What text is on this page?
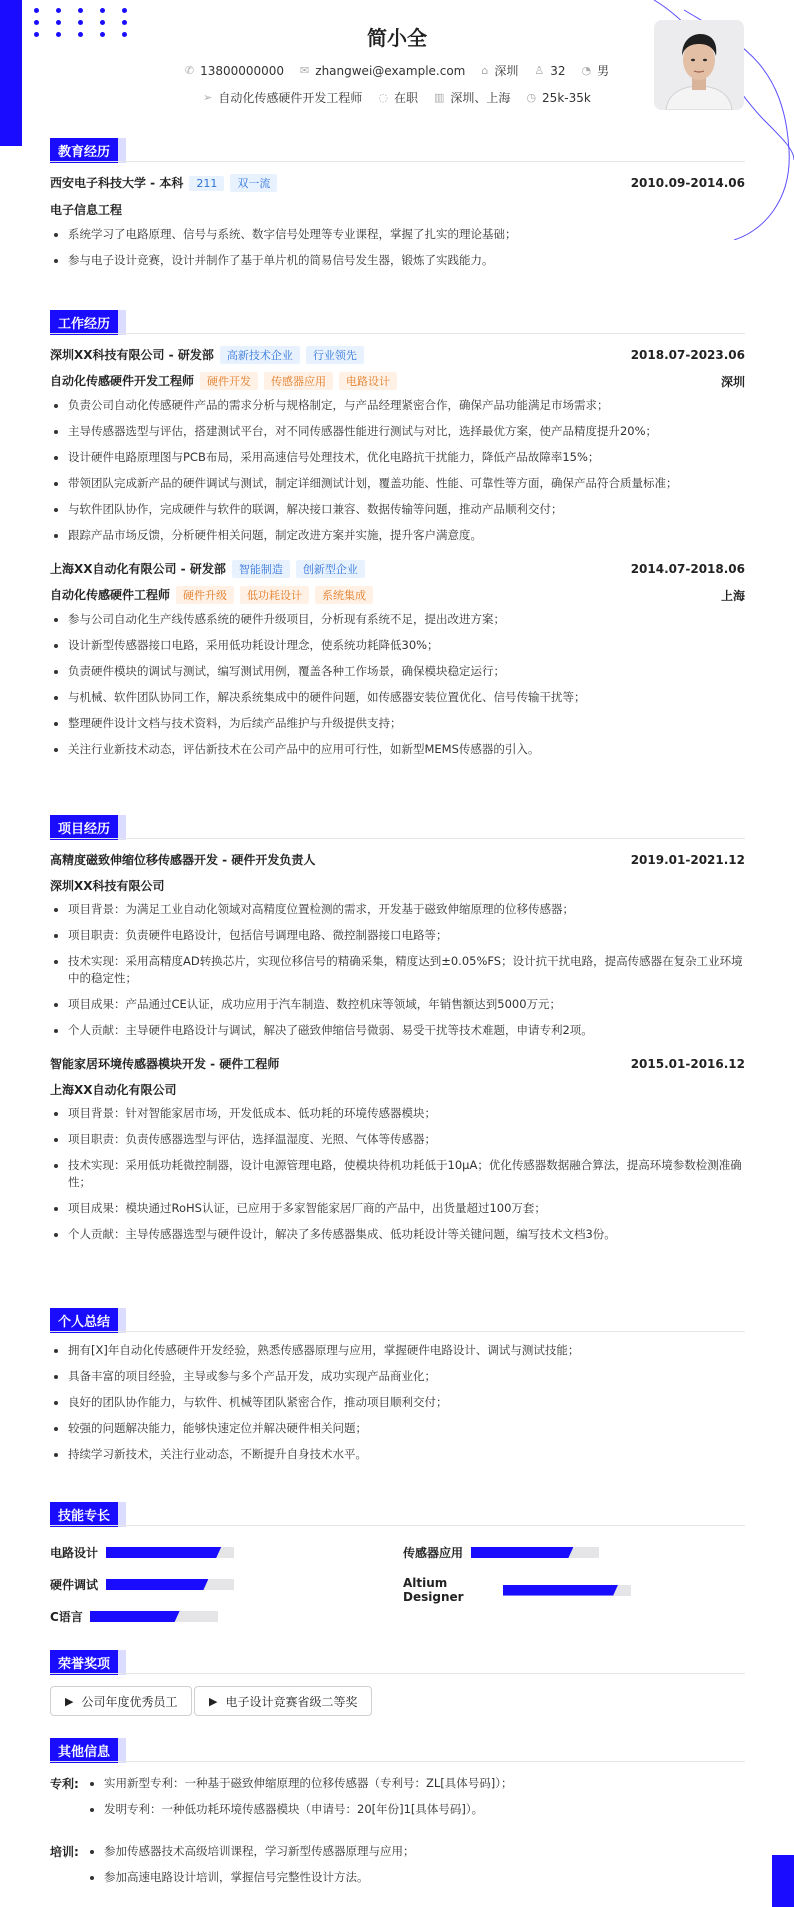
简小全
✆ 13800000000 ✉ zhangwei@example.com ⌂ 深圳 ♙ 32 ◔ 男
➢ 自动化传感硬件开发工程师 ◌ 在职 ▥ 深圳、上海 ◷ 25k-35k
教育经历
西安电子科技大学 - 本科 211 双一流	2010.09-2014.06
电子信息工程
系统学习了电路原理、信号与系统、数字信号处理等专业课程，掌握了扎实的理论基础；
参与电子设计竞赛，设计并制作了基于单片机的简易信号发生器，锻炼了实践能力。
工作经历
深圳XX科技有限公司 - 研发部 高新技术企业 行业领先	2018.07-2023.06
自动化传感硬件开发工程师 硬件开发 传感器应用 电路设计	深圳
负责公司自动化传感硬件产品的需求分析与规格制定，与产品经理紧密合作，确保产品功能满足市场需求；
主导传感器选型与评估，搭建测试平台，对不同传感器性能进行测试与对比，选择最优方案，使产品精度提升20%；
设计硬件电路原理图与PCB布局，采用高速信号处理技术，优化电路抗干扰能力，降低产品故障率15%；
带领团队完成新产品的硬件调试与测试，制定详细测试计划，覆盖功能、性能、可靠性等方面，确保产品符合质量标准；
与软件团队协作，完成硬件与软件的联调，解决接口兼容、数据传输等问题，推动产品顺利交付；
跟踪产品市场反馈，分析硬件相关问题，制定改进方案并实施，提升客户满意度。
上海XX自动化有限公司 - 研发部 智能制造 创新型企业	2014.07-2018.06
自动化传感硬件工程师 硬件升级 低功耗设计 系统集成	上海
参与公司自动化生产线传感系统的硬件升级项目，分析现有系统不足，提出改进方案；
设计新型传感器接口电路，采用低功耗设计理念，使系统功耗降低30%；
负责硬件模块的调试与测试，编写测试用例，覆盖各种工作场景，确保模块稳定运行；
与机械、软件团队协同工作，解决系统集成中的硬件问题，如传感器安装位置优化、信号传输干扰等；
整理硬件设计文档与技术资料，为后续产品维护与升级提供支持；
关注行业新技术动态，评估新技术在公司产品中的应用可行性，如新型MEMS传感器的引入。
项目经历
高精度磁致伸缩位移传感器开发 - 硬件开发负责人	2019.01-2021.12
深圳XX科技有限公司
项目背景：为满足工业自动化领域对高精度位置检测的需求，开发基于磁致伸缩原理的位移传感器；
项目职责：负责硬件电路设计，包括信号调理电路、微控制器接口电路等；
技术实现：采用高精度AD转换芯片，实现位移信号的精确采集，精度达到±0.05%FS；设计抗干扰电路，提高传感器在复杂工业环境中的稳定性；
项目成果：产品通过CE认证，成功应用于汽车制造、数控机床等领域，年销售额达到5000万元；
个人贡献：主导硬件电路设计与调试，解决了磁致伸缩信号微弱、易受干扰等技术难题，申请专利2项。
智能家居环境传感器模块开发 - 硬件工程师	2015.01-2016.12
上海XX自动化有限公司
项目背景：针对智能家居市场，开发低成本、低功耗的环境传感器模块；
项目职责：负责传感器选型与评估，选择温湿度、光照、气体等传感器；
技术实现：采用低功耗微控制器，设计电源管理电路，使模块待机功耗低于10μA；优化传感器数据融合算法，提高环境参数检测准确性；
项目成果：模块通过RoHS认证，已应用于多家智能家居厂商的产品中，出货量超过100万套；
个人贡献：主导传感器选型与硬件设计，解决了多传感器集成、低功耗设计等关键问题，编写技术文档3份。
个人总结
拥有[X]年自动化传感硬件开发经验，熟悉传感器原理与应用，掌握硬件电路设计、调试与测试技能；
具备丰富的项目经验，主导或参与多个产品开发，成功实现产品商业化；
良好的团队协作能力，与软件、机械等团队紧密合作，推动项目顺利交付；
较强的问题解决能力，能够快速定位并解决硬件相关问题；
持续学习新技术，关注行业动态，不断提升自身技术水平。
技能专长
电路设计	传感器应用
硬件调试	Altium Designer
C语言
荣誉奖项
▶ 公司年度优秀员工	▶ 电子设计竞赛省级二等奖
其他信息
专利:	实用新型专利：一种基于磁致伸缩原理的位移传感器（专利号：ZL[具体号码]）；
发明专利：一种低功耗环境传感器模块（申请号：20[年份]1[具体号码]）。
培训:	参加传感器技术高级培训课程，学习新型传感器原理与应用；
参加高速电路设计培训，掌握信号完整性设计方法。
